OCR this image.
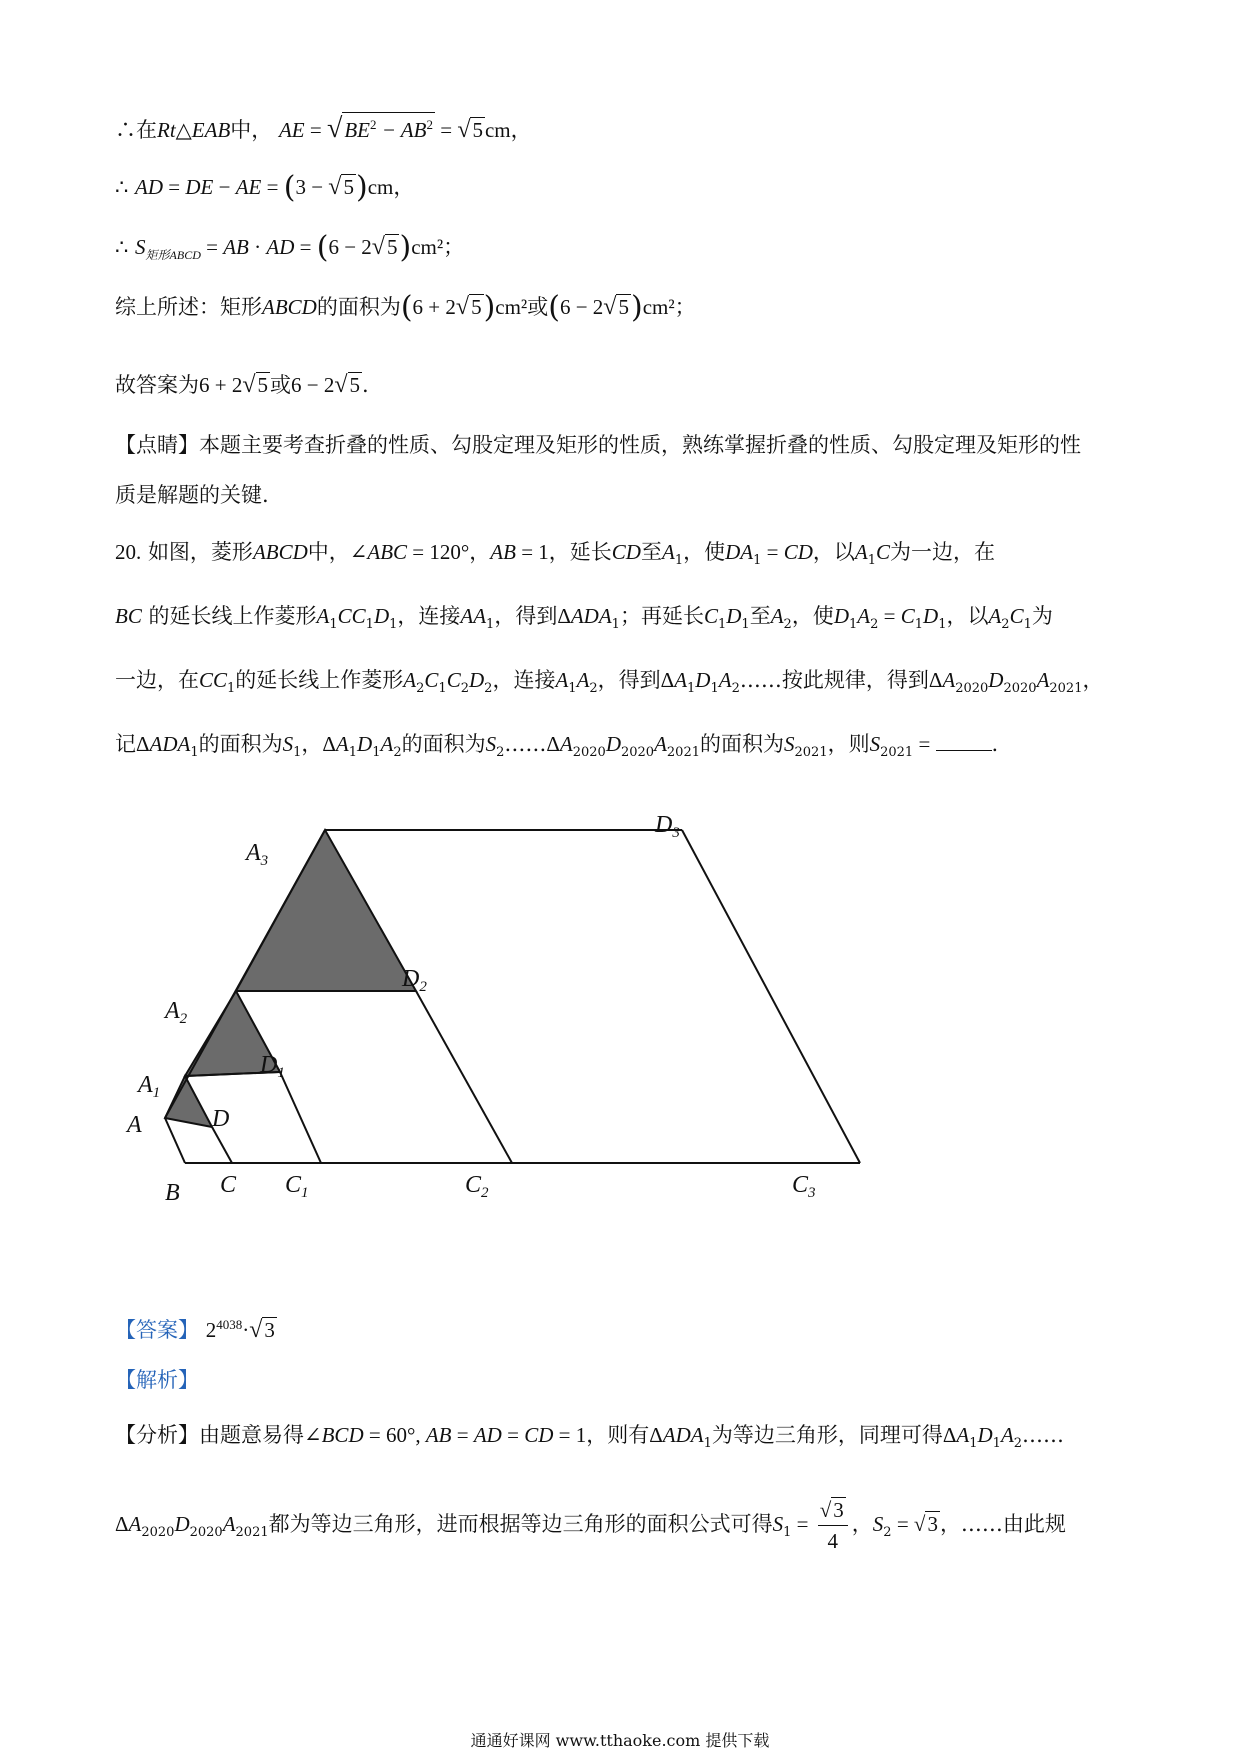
∴在Rt△EAB中， AE = $√BE^2 - AB^2 = √5cm$，
∴ AD = DE − AE = (3 − √5)cm，
∴ $S_{矩形ABCD}$ = AB · AD = (6 − 2√5)cm²；
综上所述：矩形ABCD的面积为(6 + 2√5)cm²或(6 − 2√5)cm²；
故答案为6 + 2√5或6 − 2√5.
【点睛】本题主要考查折叠的性质、勾股定理及矩形的性质，熟练掌握折叠的性质、勾股定理及矩形的性
质是解题的关键.
20. 如图，菱形ABCD中，∠ABC = 120°，AB = 1，延长CD至$A_1$，使$DA_1$ = CD，以$A_1C$为一边，在
BC 的延长线上作菱形$A_1CC_1D_1$，连接$AA_1$，得到$\Delta ADA_1$；再延长$C_1D_1$至$A_2$，使$D_1A_2 = C_1D_1$，以$A_2C_1$为
一边，在$CC_1$的延长线上作菱形$A_2C_1C_2D_2$，连接$A_1A_2$，得到$\Delta A_1D_1A_2\dots\dots$按此规律，得到$\Delta A_{2020}D_{2020}A_{2021}$，
记$\Delta ADA_1$的面积为$S_1$，$\Delta A_1D_1A_2$的面积为$S_2\dots\dots\Delta A_{2020}D_{2020}A_{2021}$的面积为$S_{2021}$，则$S_{2021}$ =	.
A
B C
D
$A_1$
$A_2$
$A_3$
$C_1$	$C_2$	$C_3$
$D_1$
$D_2$
$D_3$
【答案】 $2^{4038}\cdot√3$
【解析】
【分析】由题意易得∠BCD = 60°, AB = AD = CD = 1，则有$\Delta ADA_1$为等边三角形，同理可得$\Delta A_1D_1A_2\dots\dots$
$\Delta A_{2020}D_{2020}A_{2021}$都为等边三角形，进而根据等边三角形的面积公式可得$S_1 = \frac{√3}{4}$ ，$S_2 = √3$，……由此规
通通好课网 www.tthaoke.com 提供下载
